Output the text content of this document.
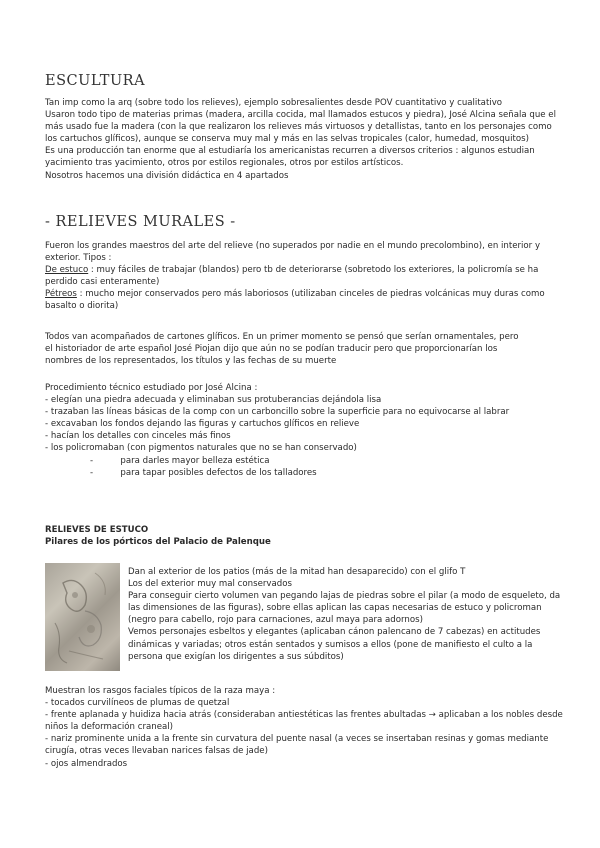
ESCULTURA

Tan imp como la arq (sobre todo los relieves), ejemplo sobresalientes desde POV cuantitativo y cualitativo

Usaron todo tipo de materias primas (madera, arcilla cocida, mal llamados estucos y piedra), José Alcina señala que el más usado fue la madera (con la que realizaron los relieves más virtuosos y detallistas, tanto en los personajes como los cartuchos glíficos), aunque se conserva muy mal y más en las selvas tropicales (calor, humedad, mosquitos)

Es una producción tan enorme que al estudiaría los americanistas recurren a diversos criterios : algunos estudian yacimiento tras yacimiento, otros por estilos regionales, otros por estilos artísticos.

Nosotros hacemos una división didáctica en 4 apartados

- RELIEVES MURALES -

Fueron los grandes maestros del arte del relieve (no superados por nadie en el mundo precolombino), en interior y exterior. Tipos :

De estuco : muy fáciles de trabajar (blandos) pero tb de deteriorarse (sobretodo los exteriores, la policromía se ha perdido casi enteramente)

Pétreos : mucho mejor conservados pero más laboriosos (utilizaban cinceles de piedras volcánicas muy duras como basalto o diorita)

Todos van acompañados de cartones glíficos. En un primer momento se pensó que serían ornamentales, pero

el historiador de arte español José Piojan dijo que aún no se podían traducir pero que proporcionarían los

nombres de los representados, los títulos y las fechas de su muerte

Procedimiento técnico estudiado por José Alcina :

- elegían una piedra adecuada y eliminaban sus protuberancias dejándola lisa

- trazaban las líneas básicas de la comp con un carboncillo sobre la superficie para no equivocarse al labrar

- excavaban los fondos dejando las figuras y cartuchos glíficos en relieve

- hacían los detalles con cinceles más finos

- los policromaban (con pigmentos naturales que no se han conservado)

-          para darles mayor belleza estética

-          para tapar posibles defectos de los talladores

RELIEVES DE ESTUCO

Pilares de los pórticos del Palacio de Palenque

Dan al exterior de los patios (más de la mitad han desaparecido) con el glifo T

Los del exterior muy mal conservados

Para conseguir cierto volumen van pegando lajas de piedras sobre el pilar (a modo de esqueleto, da las dimensiones de las figuras), sobre ellas aplican las capas necesarias de estuco y policroman (negro para cabello, rojo para carnaciones, azul maya para adornos)

Vemos personajes esbeltos y elegantes (aplicaban cánon palencano de 7 cabezas) en actitudes dinámicas y variadas; otros están sentados y sumisos a ellos (pone de manifiesto el culto a la persona que exigían los dirigentes a sus súbditos)

Muestran los rasgos faciales típicos de la raza maya :

- tocados curvilíneos de plumas de quetzal

- frente aplanada y huidiza hacia atrás (consideraban antiestéticas las frentes abultadas → aplicaban a los nobles desde niños la deformación craneal)

- nariz prominente unida a la frente sin curvatura del puente nasal (a veces se insertaban resinas y gomas mediante cirugía, otras veces llevaban narices falsas de jade)

- ojos almendrados
